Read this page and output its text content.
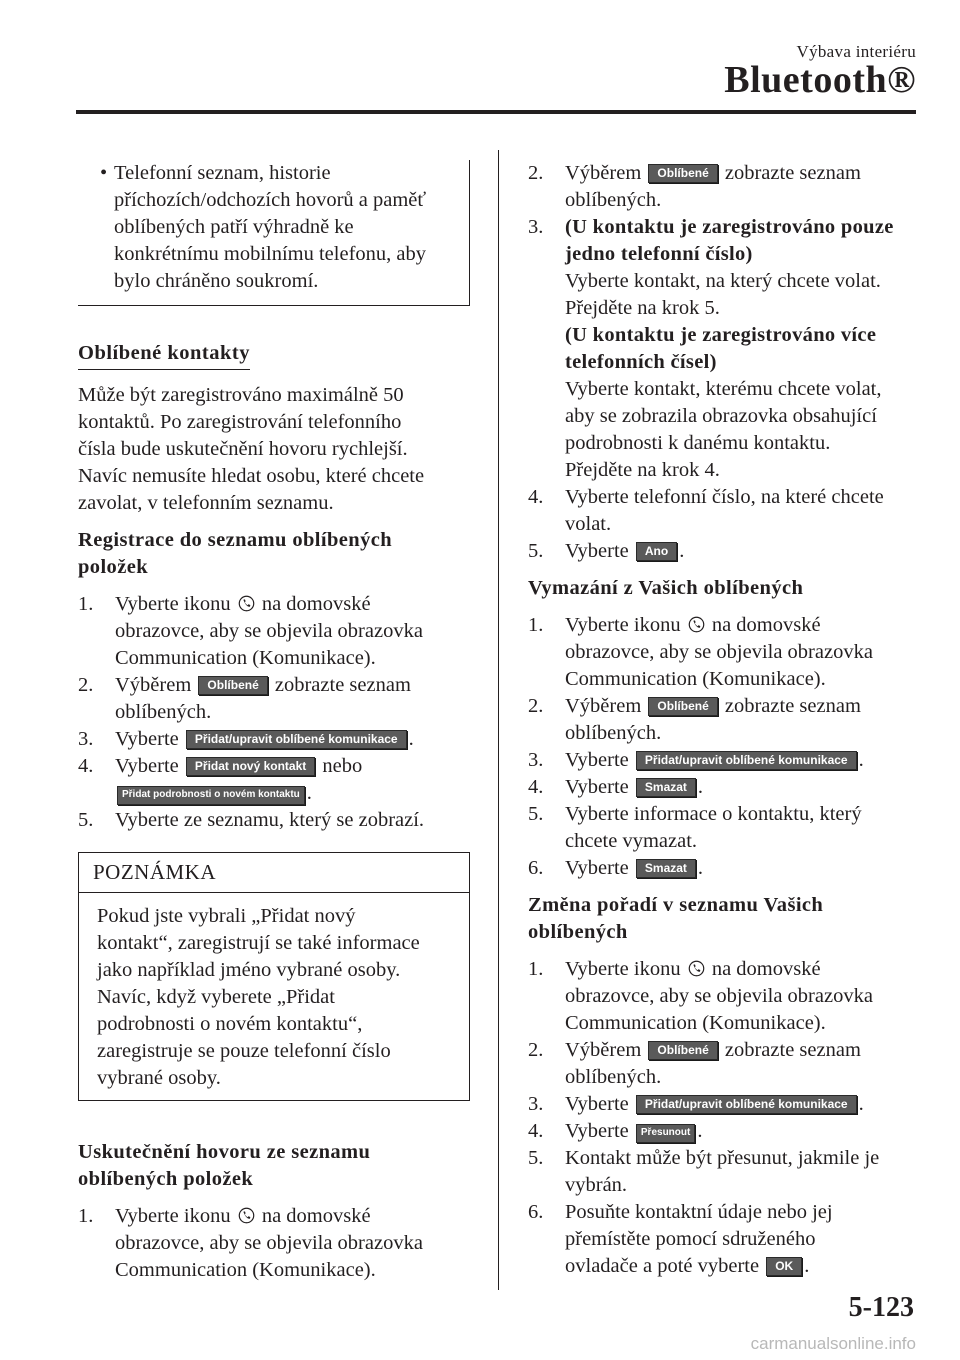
Výbava interiéru
Bluetooth®
• Telefonní seznam, historie

příchozích/odchozích hovorů a paměť

oblíbených patří výhradně ke

konkrétnímu mobilnímu telefonu, aby

bylo chráněno soukromí.

Oblíbené kontakty

Může být zaregistrováno maximálně 50

kontaktů. Po zaregistrování telefonního

čísla bude uskutečnění hovoru rychlejší.

Navíc nemusíte hledat osobu, které chcete

zavolat, v telefonním seznamu.

Registrace do seznamu oblíbených

položek

1. Vyberte ikonu na domovské
obrazovce, aby se objevila obrazovka
Communication (Komunikace).
2. Výběrem Oblíbené zobrazte seznam
oblíbených.
3. Vyberte Přidat/upravit oblíbené komunikace .
4. Vyberte Přidat nový kontakt nebo
Přidat podrobnosti o novém kontaktu .
5. Vyberte ze seznamu, který se zobrazí.
POZNÁMKA

Pokud jste vybrali „Přidat nový

kontakt“, zaregistrují se také informace

jako například jméno vybrané osoby.

Navíc, když vyberete „Přidat

podrobnosti o novém kontaktu“,

zaregistruje se pouze telefonní číslo

vybrané osoby.

Uskutečnění hovoru ze seznamu

oblíbených položek

1. Vyberte ikonu na domovské
obrazovce, aby se objevila obrazovka
Communication (Komunikace).
2. Výběrem Oblíbené zobrazte seznam
oblíbených.
3. (U kontaktu je zaregistrováno pouze
jedno telefonní číslo)
Vyberte kontakt, na který chcete volat.
Přejděte na krok 5.
(U kontaktu je zaregistrováno více
telefonních čísel)
Vyberte kontakt, kterému chcete volat,
aby se zobrazila obrazovka obsahující
podrobnosti k danému kontaktu.
Přejděte na krok 4.
4. Vyberte telefonní číslo, na které chcete
volat.
5. Vyberte Ano .
Vymazání z Vašich oblíbených
1. Vyberte ikonu na domovské
obrazovce, aby se objevila obrazovka
Communication (Komunikace).
2. Výběrem Oblíbené zobrazte seznam
oblíbených.
3. Vyberte Přidat/upravit oblíbené komunikace .
4. Vyberte Smazat .
5. Vyberte informace o kontaktu, který
chcete vymazat.
6. Vyberte Smazat .

Změna pořadí v seznamu Vašich

oblíbených

1. Vyberte ikonu na domovské
obrazovce, aby se objevila obrazovka
Communication (Komunikace).
2. Výběrem Oblíbené zobrazte seznam
oblíbených.
3. Vyberte Přidat/upravit oblíbené komunikace .
4. Vyberte Přesunout .
5. Kontakt může být přesunut, jakmile je
vybrán.
6. Posuňte kontaktní údaje nebo jej
přemístěte pomocí sdruženého
ovladače a poté vyberte OK .
5-123
carmanualsonline.info
